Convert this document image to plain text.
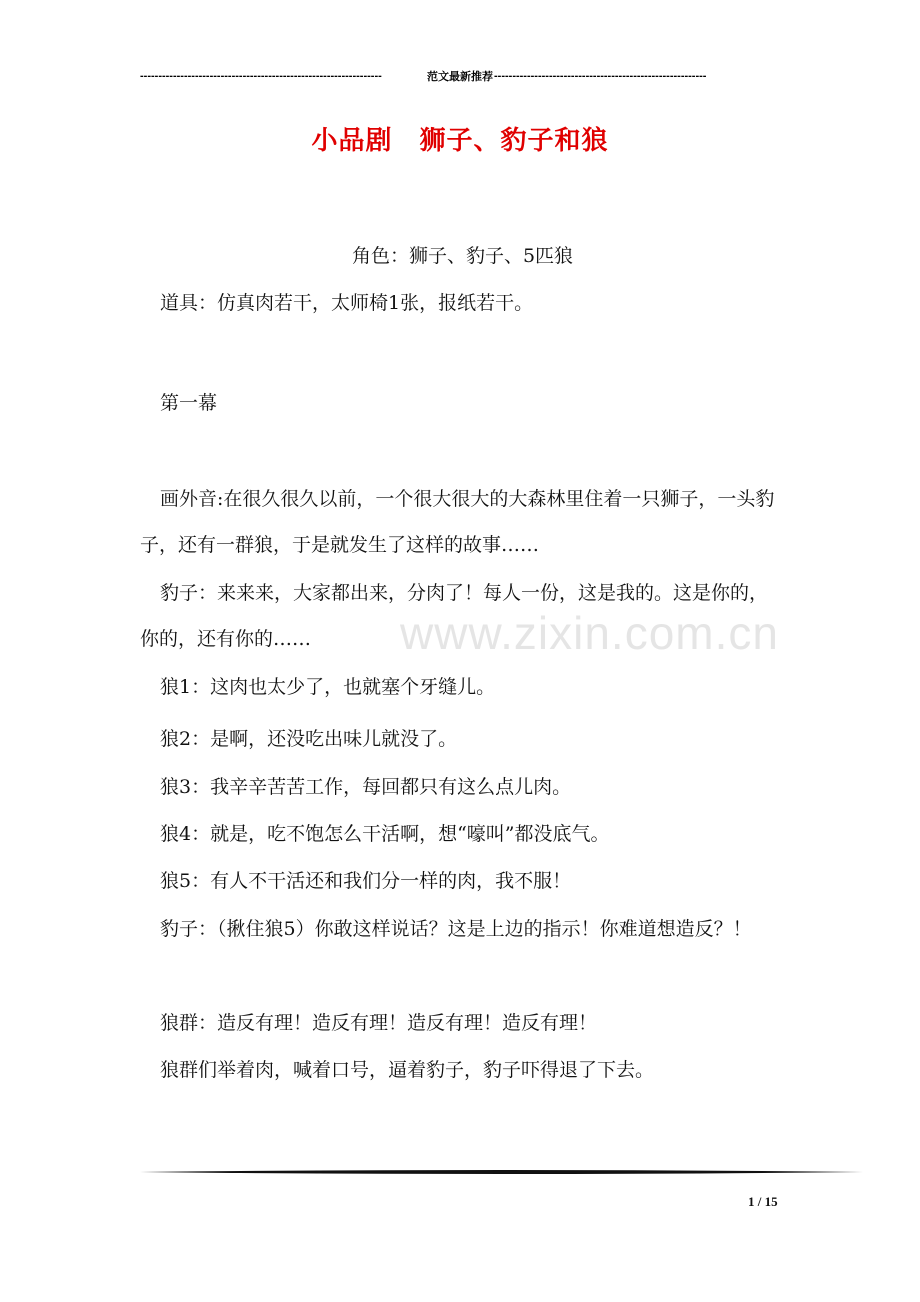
------------------------------------------------------------------	范文最新推荐 ----------------------------------------------------------
小品剧　狮子、豹子和狼
角色：狮子、豹子、5匹狼
道具：仿真肉若干，太师椅1张，报纸若干。
第一幕
画外音:在很久很久以前，一个很大很大的大森林里住着一只狮子，一头豹子，还有一群狼，于是就发生了这样的故事……
豹子：来来来，大家都出来，分肉了！每人一份，这是我的。这是你的，你的，还有你的……
狼1：这肉也太少了，也就塞个牙缝儿。
狼2：是啊，还没吃出味儿就没了。
狼3：我辛辛苦苦工作，每回都只有这么点儿肉。
狼4：就是，吃不饱怎么干活啊，想“嚎叫”都没底气。
狼5：有人不干活还和我们分一样的肉，我不服！
豹子：（揪住狼5）你敢这样说话？这是上边的指示！你难道想造反？！
狼群：造反有理！造反有理！造反有理！造反有理！
狼群们举着肉，喊着口号，逼着豹子，豹子吓得退了下去。
www.zixin.com.cn
1 / 15
